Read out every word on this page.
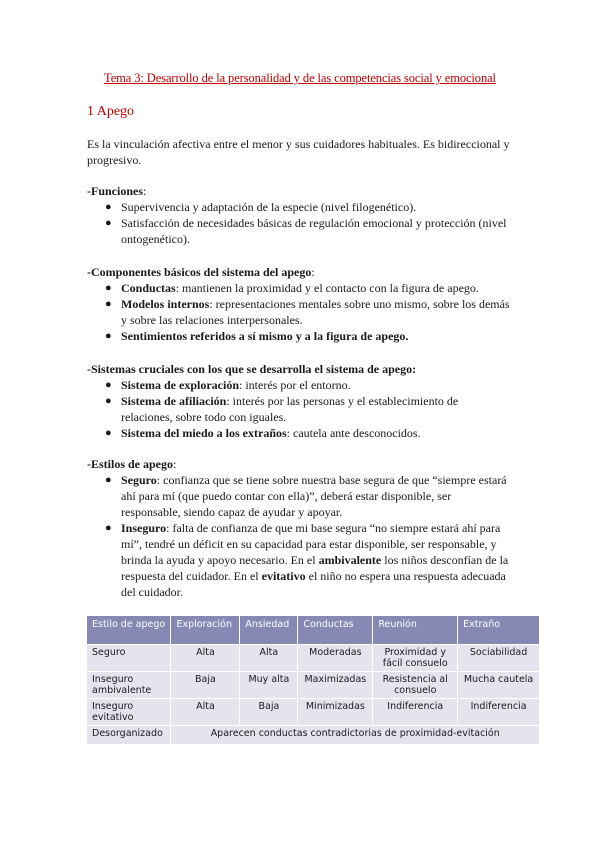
Tema 3: Desarrollo de la personalidad y de las competencias social y emocional
1 Apego
Es la vinculación afectiva entre el menor y sus cuidadores habituales. Es bidireccional y
progresivo.
-Funciones:
● Supervivencia y adaptación de la especie (nivel filogenético).
● Satisfacción de necesidades básicas de regulación emocional y protección (nivel
ontogenético).
-Componentes básicos del sistema del apego:
● Conductas: mantienen la proximidad y el contacto con la figura de apego.
● Modelos internos: representaciones mentales sobre uno mismo, sobre los demás
y sobre las relaciones interpersonales.
● Sentimientos referidos a sí mismo y a la figura de apego.
-Sistemas cruciales con los que se desarrolla el sistema de apego:
● Sistema de exploración: interés por el entorno.
● Sistema de afiliación: interés por las personas y el establecimiento de
relaciones, sobre todo con iguales.
● Sistema del miedo a los extraños: cautela ante desconocidos.
-Estilos de apego:
● Seguro: confianza que se tiene sobre nuestra base segura de que “siempre estará
ahí para mí (que puedo contar con ella)”, deberá estar disponible, ser
responsable, siendo capaz de ayudar y apoyar.
● Inseguro: falta de confianza de que mi base segura “no siempre estará ahí para
mí”, tendré un déficit en su capacidad para estar disponible, ser responsable, y
brinda la ayuda y apoyo necesario. En el ambivalente los niños desconfían de la
respuesta del cuidador. En el evitativo el niño no espera una respuesta adecuada
del cuidador.
Estilo de apego	Exploración	Ansiedad	Conductas	Reunión	Extraño
Seguro	Alta	Alta	Moderadas	Proximidad y fácil consuelo	Sociabilidad
Inseguro ambivalente	Baja	Muy alta	Maximizadas	Resistencia al consuelo	Mucha cautela
Inseguro evitativo	Alta	Baja	Minimizadas	Indiferencia	Indiferencia
Desorganizado	Aparecen conductas contradictorias de proximidad-evitación				
